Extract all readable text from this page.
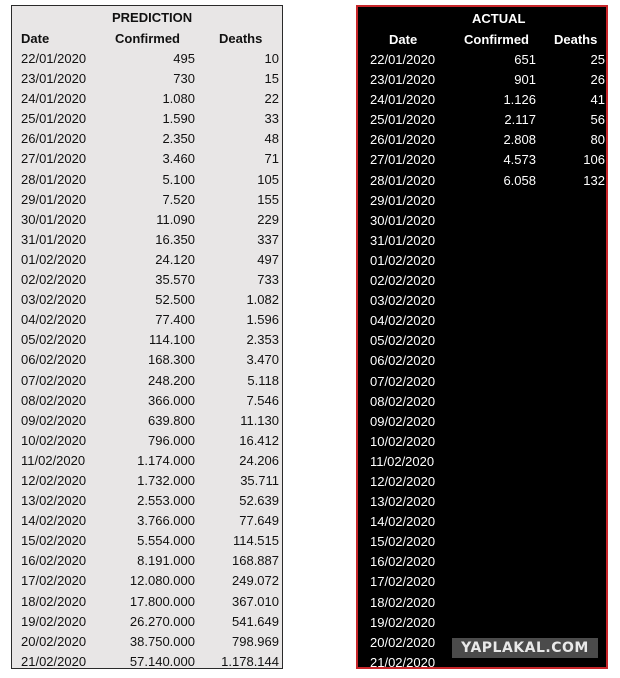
PREDICTION
Date	Confirmed	Deaths
22/01/2020	495	10
23/01/2020	730	15
24/01/2020	1.080	22
25/01/2020	1.590	33
26/01/2020	2.350	48
27/01/2020	3.460	71
28/01/2020	5.100	105
29/01/2020	7.520	155
30/01/2020	11.090	229
31/01/2020	16.350	337
01/02/2020	24.120	497
02/02/2020	35.570	733
03/02/2020	52.500	1.082
04/02/2020	77.400	1.596
05/02/2020	114.100	2.353
06/02/2020	168.300	3.470
07/02/2020	248.200	5.118
08/02/2020	366.000	7.546
09/02/2020	639.800	11.130
10/02/2020	796.000	16.412
11/02/2020	1.174.000	24.206
12/02/2020	1.732.000	35.711
13/02/2020	2.553.000	52.639
14/02/2020	3.766.000	77.649
15/02/2020	5.554.000	114.515
16/02/2020	8.191.000	168.887
17/02/2020	12.080.000	249.072
18/02/2020	17.800.000	367.010
19/02/2020	26.270.000	541.649
20/02/2020	38.750.000	798.969
21/02/2020	57.140.000 1.178.144
ACTUAL
Date	Confirmed Deaths
22/01/2020	651	25
23/01/2020	901	26
24/01/2020	1.126	41
25/01/2020	2.117	56
26/01/2020	2.808	80
27/01/2020	4.573	106
28/01/2020	6.058	132
29/01/2020
30/01/2020
31/01/2020
01/02/2020
02/02/2020
03/02/2020
04/02/2020
05/02/2020
06/02/2020
07/02/2020
08/02/2020
09/02/2020
10/02/2020
11/02/2020
12/02/2020
13/02/2020
14/02/2020
15/02/2020
16/02/2020
17/02/2020
18/02/2020
19/02/2020
20/02/2020
21/02/2020
YAPLAKAL.COM
